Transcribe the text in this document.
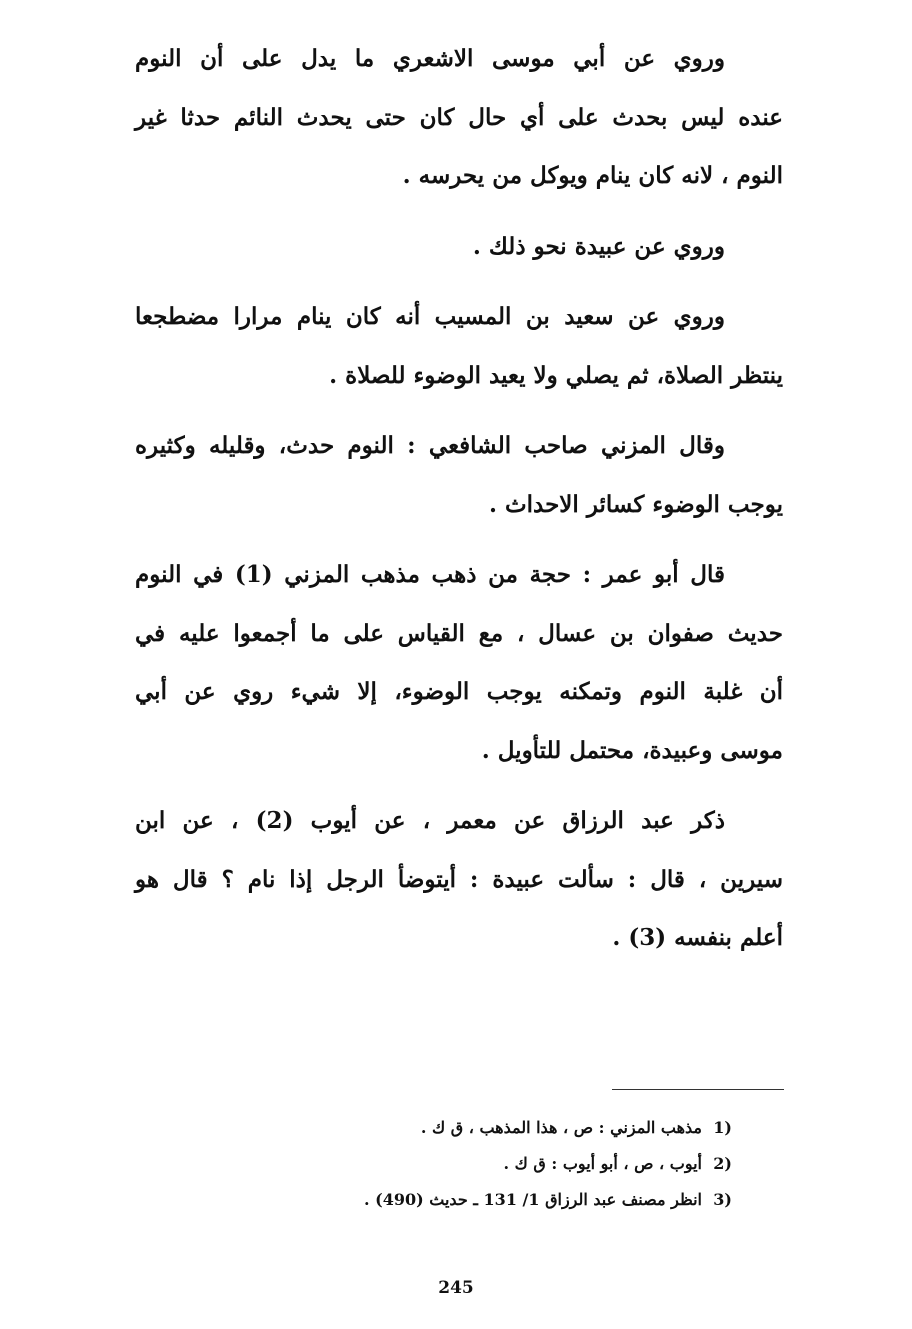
وروي عن أبي موسى الاشعري ما يدل على أن النوم
عنده ليس بحدث على أي حال كان حتى يحدث النائم حدثا غير
النوم ، لانه كان ينام ويوكل من يحرسه .

وروي عن عبيدة نحو ذلك .

وروي عن سعيد بن المسيب أنه كان ينام مرارا مضطجعا
ينتظر الصلاة، ثم يصلي ولا يعيد الوضوء للصلاة .

وقال المزني صاحب الشافعي : النوم حدث، وقليله وكثيره
يوجب الوضوء كسائر الاحداث .

قال أبو عمر : حجة من ذهب مذهب المزني (1) في النوم
حديث صفوان بن عسال ، مع القياس على ما أجمعوا عليه في
أن غلبة النوم وتمكنه يوجب الوضوء، إلا شيء روي عن أبي
موسى وعبيدة، محتمل للتأويل .

ذكر عبد الرزاق عن معمر ، عن أيوب (2) ، عن ابن
سيرين ، قال : سألت عبيدة : أيتوضأ الرجل إذا نام ؟ قال هو
أعلم بنفسه (3) .

1)
مذهب المزني : ص ، هذا المذهب ، ق ك .
2)
أيوب ، ص ، أبو أيوب : ق ك .
3)
انظر مصنف عبد الرزاق 1/ 131 ـ حديث (490) .
245
